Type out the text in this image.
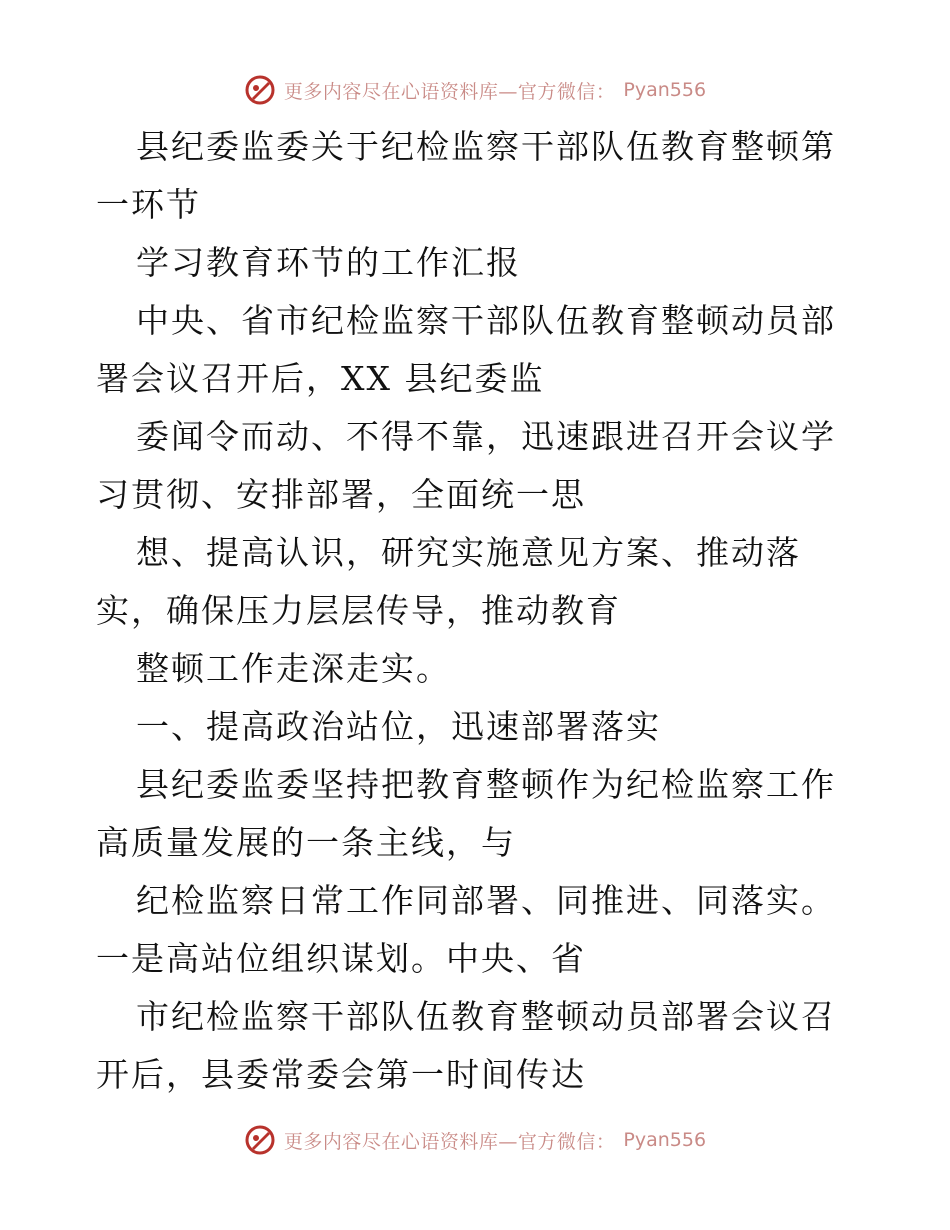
更多内容尽在心语资料库—官方微信： Pyan556

县纪委监委关于纪检监察干部队伍教育整顿第一环节

学习教育环节的工作汇报

中央、省市纪检监察干部队伍教育整顿动员部署会议召开后，XX 县纪委监

委闻令而动、不得不靠，迅速跟进召开会议学习贯彻、安排部署，全面统一思

想、提高认识，研究实施意见方案、推动落实，确保压力层层传导，推动教育

整顿工作走深走实。

一、提高政治站位，迅速部署落实

县纪委监委坚持把教育整顿作为纪检监察工作高质量发展的一条主线，与

纪检监察日常工作同部署、同推进、同落实。一是高站位组织谋划。中央、省

市纪检监察干部队伍教育整顿动员部署会议召开后，县委常委会第一时间传达

更多内容尽在心语资料库—官方微信： Pyan556
